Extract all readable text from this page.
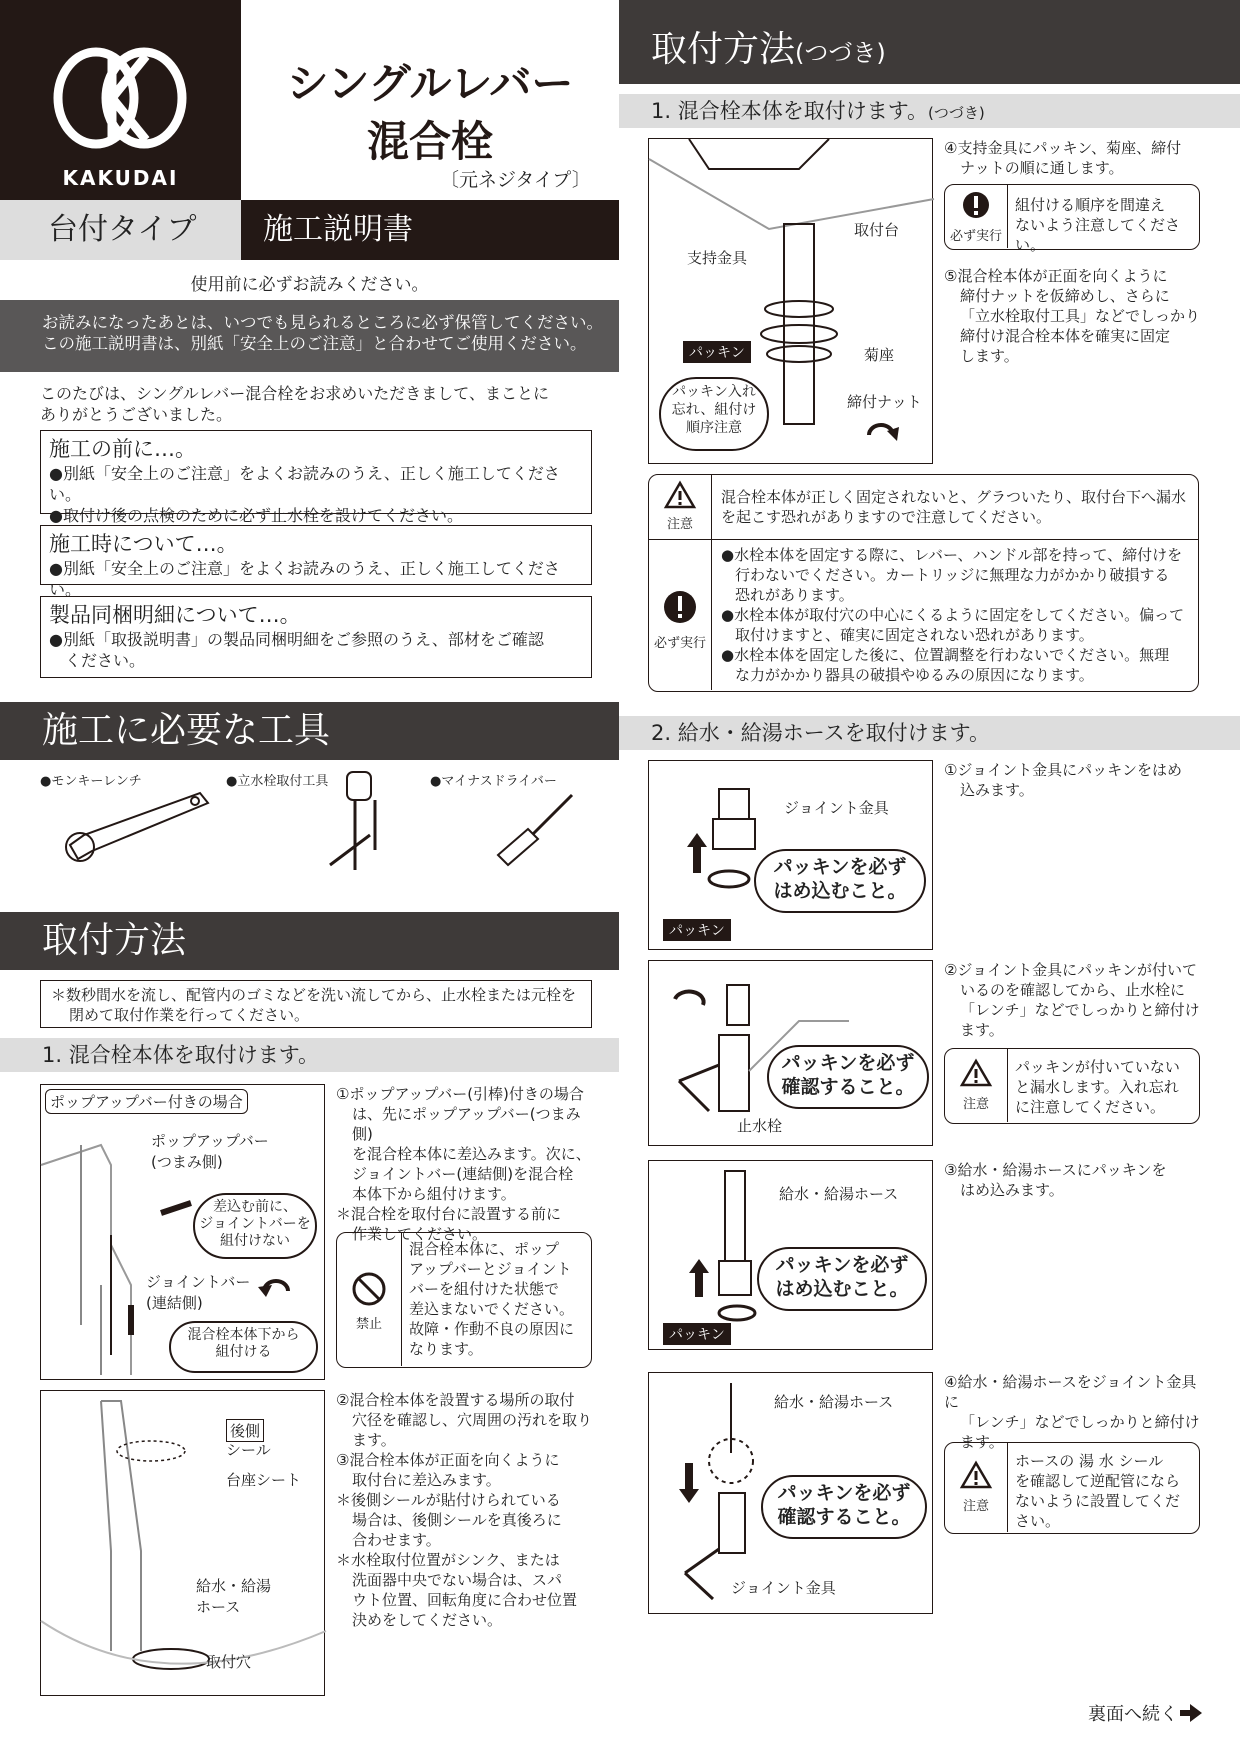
KAKUDAI
シングルレバー
混合栓
〔元ネジタイプ〕
台付タイプ	施工説明書
使用前に必ずお読みください。
お読みになったあとは、いつでも見られるところに必ず保管してください。
この施工説明書は、別紙「安全上のご注意」と合わせてご使用ください。
このたびは、シングルレバー混合栓をお求めいただきまして、まことに
ありがとうございました。
施工の前に…。
●別紙「安全上のご注意」をよくお読みのうえ、正しく施工してください。
●取付け後の点検のために必ず止水栓を設けてください。
施工時について…。
●別紙「安全上のご注意」をよくお読みのうえ、正しく施工してください。
製品同梱明細について…。
●別紙「取扱説明書」の製品同梱明細をご参照のうえ、部材をご確認
ください。
施工に必要な工具
●モンキーレンチ	●立水栓取付工具	●マイナスドライバー
取付方法
＊数秒間水を流し、配管内のゴミなどを洗い流してから、止水栓または元栓を
閉めて取付作業を行ってください。
1. 混合栓本体を取付けます。
ポップアップバー付きの場合
ポップアップバー
(つまみ側)
差込む前に、
ジョイントバーを
組付けない
ジョイントバー
(連結側)
混合栓本体下から
組付ける
①ポップアップバー(引棒)付きの場合
は、先にポップアップバー(つまみ側)
を混合栓本体に差込みます。次に、
ジョイントバー(連結側)を混合栓
本体下から組付けます。
＊混合栓を取付台に設置する前に
作業してください。
禁止
混合栓本体に、ポップ
アップバーとジョイント
バーを組付けた状態で
差込まないでください。
故障・作動不良の原因に
なります。
後側
シール
台座シート
給水・給湯
ホース
取付穴
②混合栓本体を設置する場所の取付
穴径を確認し、穴周囲の汚れを取り
ます。
③混合栓本体が正面を向くように
取付台に差込みます。
＊後側シールが貼付けられている
場合は、後側シールを真後ろに
合わせます。
＊水栓取付位置がシンク、または
洗面器中央でない場合は、スパ
ウト位置、回転角度に合わせ位置
決めをしてください。
取付方法(つづき)
1. 混合栓本体を取付けます。(つづき)
取付台
支持金具
パッキン	菊座
締付ナット
パッキン入れ
忘れ、組付け
順序注意
④支持金具にパッキン、菊座、締付
ナットの順に通します。
必ず実行
組付ける順序を間違え
ないよう注意してください。
⑤混合栓本体が正面を向くように
締付ナットを仮締めし、さらに
「立水栓取付工具」などでしっかり
締付け混合栓本体を確実に固定
します。
注意
混合栓本体が正しく固定されないと、グラついたり、取付台下へ漏水
を起こす恐れがありますので注意してください。
必ず実行
●水栓本体を固定する際に、レバー、ハンドル部を持って、締付けを
行わないでください。カートリッジに無理な力がかかり破損する
恐れがあります。
●水栓本体が取付穴の中心にくるように固定をしてください。偏って
取付けますと、確実に固定されない恐れがあります。
●水栓本体を固定した後に、位置調整を行わないでください。無理
な力がかかり器具の破損やゆるみの原因になります。
2. 給水・給湯ホースを取付けます。
ジョイント金具
パッキンを必ず
はめ込むこと。
パッキン
①ジョイント金具にパッキンをはめ
込みます。
パッキンを必ず
確認すること。
止水栓
②ジョイント金具にパッキンが付いて
いるのを確認してから、止水栓に
「レンチ」などでしっかりと締付け
ます。
注意
パッキンが付いていない
と漏水します。入れ忘れ
に注意してください。
給水・給湯ホース
パッキンを必ず
はめ込むこと。
パッキン
③給水・給湯ホースにパッキンを
はめ込みます。
給水・給湯ホース
パッキンを必ず
確認すること。
ジョイント金具
④給水・給湯ホースをジョイント金具に
「レンチ」などでしっかりと締付け
ます。
注意
ホースの 湯 水 シール
を確認して逆配管になら
ないように設置してくだ
さい。
裏面へ続く
